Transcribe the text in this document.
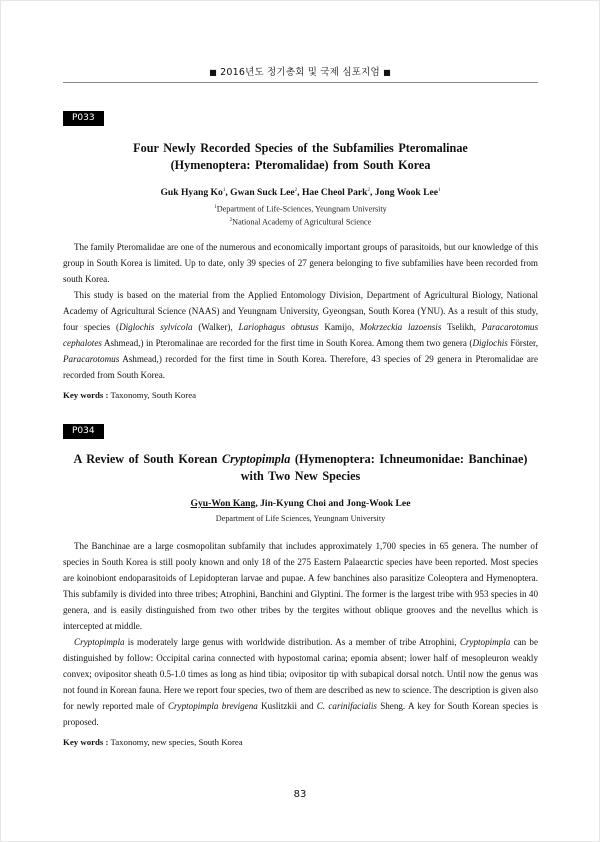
■ 2016년도 정기총회 및 국제 심포지엄 ■
P033
Four Newly Recorded Species of the Subfamilies Pteromalinae
(Hymenoptera: Pteromalidae) from South Korea
Guk Hyang Ko$^1$, Gwan Suck Lee$^2$, Hae Cheol Park$^2$, Jong Wook Lee$^1$
$^1$Department of Life-Sciences, Yeungnam University
$^2$National Academy of Agricultural Science

The family Pteromalidae are one of the numerous and economically important groups of parasitoids, but our knowledge of this group in South Korea is limited. Up to date, only 39 species of 27 genera belonging to five subfamilies have been recorded from south Korea.

This study is based on the material from the Applied Entomology Division, Department of Agricultural Biology, National Academy of Agricultural Science (NAAS) and Yeungnam University, Gyeongsan, South Korea (YNU). As a result of this study, four species (Diglochis sylvicola (Walker), Lariophagus obtusus Kamijo, Mokrzeckia lazoensis Tselikh, Paracarotomus cephalotes Ashmead,) in Pteromalinae are recorded for the first time in South Korea. Among them two genera (Diglochis Förster, Paracarotomus Ashmead,) recorded for the first time in South Korea. Therefore, 43 species of 29 genera in Pteromalidae are recorded from South Korea.

Key words : Taxonomy, South Korea
P034
A Review of South Korean Cryptopimpla (Hymenoptera: Ichneumonidae: Banchinae) with Two New Species
Gyu-Won Kang, Jin-Kyung Choi and Jong-Wook Lee
Department of Life Sciences, Yeungnam University

The Banchinae are a large cosmopolitan subfamily that includes approximately 1,700 species in 65 genera. The number of species in South Korea is still pooly known and only 18 of the 275 Eastern Palaearctic species have been reported. Most species are koinobiont endoparasitoids of Lepidopteran larvae and pupae. A few banchines also parasitize Coleoptera and Hymenoptera. This subfamily is divided into three tribes; Atrophini, Banchini and Glyptini. The former is the largest tribe with 953 species in 40 genera, and is easily distinguished from two other tribes by the tergites without oblique grooves and the nevellus which is intercepted at middle.

Cryptopimpla is moderately large genus with worldwide distribution. As a member of tribe Atrophini, Cryptopimpla can be distinguished by follow: Occipital carina connected with hypostomal carina; epomia absent; lower half of mesopleuron weakly convex; ovipositor sheath 0.5-1.0 times as long as hind tibia; ovipositor tip with subapical dorsal notch. Until now the genus was not found in Korean fauna. Here we report four species, two of them are described as new to science. The description is given also for newly reported male of Cryptopimpla brevigena Kuslitzkii and C. carinifacialis Sheng. A key for South Korean species is proposed.

Key words : Taxonomy, new species, South Korea
83
